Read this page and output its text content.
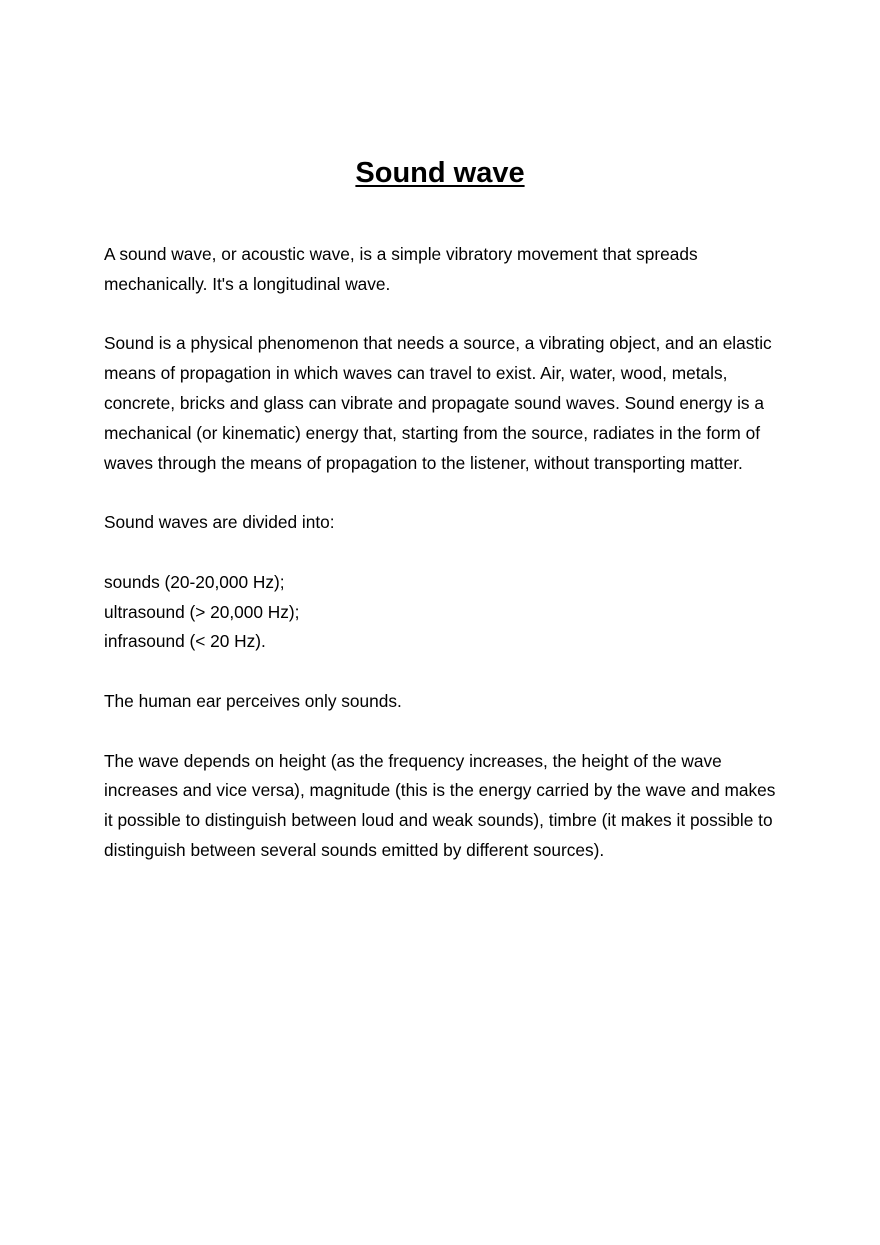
Sound wave

A sound wave, or acoustic wave, is a simple vibratory movement that spreads mechanically. It's a longitudinal wave.

Sound is a physical phenomenon that needs a source, a vibrating object, and an elastic means of propagation in which waves can travel to exist. Air, water, wood, metals, concrete, bricks and glass can vibrate and propagate sound waves. Sound energy is a mechanical (or kinematic) energy that, starting from the source, radiates in the form of waves through the means of propagation to the listener, without transporting matter.

Sound waves are divided into:

sounds (20-20,000 Hz);
ultrasound (> 20,000 Hz);
infrasound (< 20 Hz).

The human ear perceives only sounds.

The wave depends on height (as the frequency increases, the height of the wave increases and vice versa), magnitude (this is the energy carried by the wave and makes it possible to distinguish between loud and weak sounds), timbre (it makes it possible to distinguish between several sounds emitted by different sources).
